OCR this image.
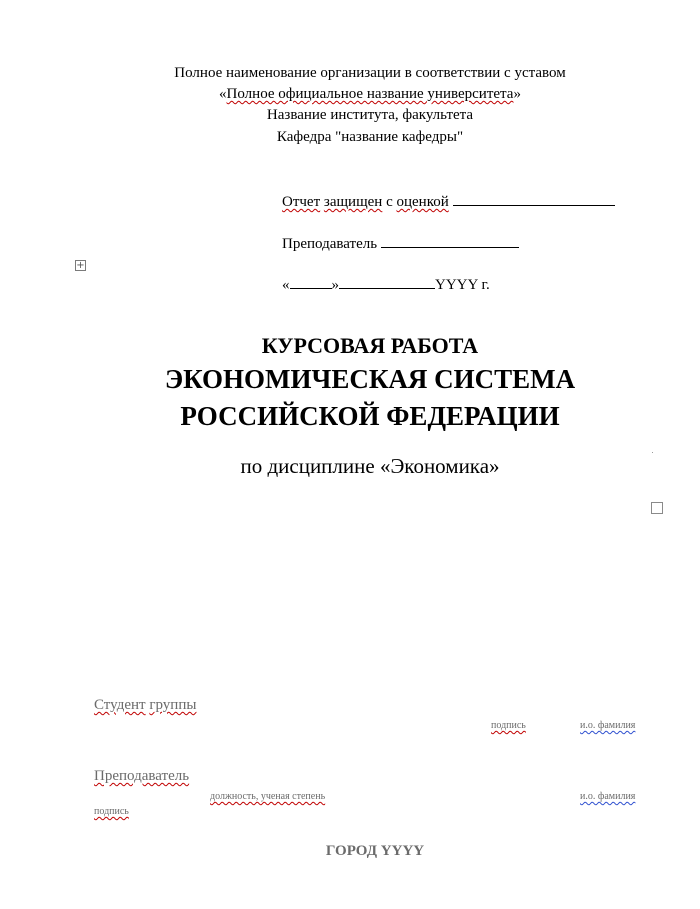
Полное наименование организации в соответствии с уставом
«Полное официальное название университета»
Название института, факультета
Кафедра "название кафедры"
Отчет защищен с оценкой
Преподаватель
«	»	YYYY г.
+
КУРСОВАЯ РАБОТА
ЭКОНОМИЧЕСКАЯ СИСТЕМА
РОССИЙСКОЙ ФЕДЕРАЦИИ
по дисциплине «Экономика»
Студент группы
подпись	и.о. фамилия
Преподаватель
должность, ученая степень	и.о. фамилия
подпись
ГОРОД YYYY
